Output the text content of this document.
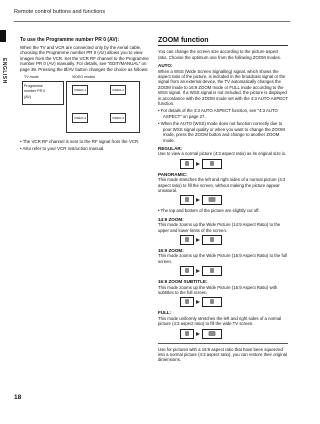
Remote control buttons and functions
ENGLISH
To use the Programme number PR 0 (AV):

When the TV and VCR are connected only by the Aerial cable, choosing the Programme number PR 0 (AV) allows you to view images from the VCR. Set the VCR RF channel to the Programme number PR 0 (AV) manually. For details, see "EDIT/MANUAL" on page 39. Pressing the Ø/AV button changes the choice as follows:

TV mode	VIDEO modes
Programme number PR 0 (AV)
VIDEO-1	VIDEO-2
VIDEO-3	VIDEO-4

• The VCR RF channel is sent to the RF signal from the VCR.

• Also refer to your VCR instruction manual.

ZOOM function

You can change the screen size according to the picture aspect ratio. Choose the optimum one from the following ZOOM modes.

AUTO:

When a WSS (Wide Screen Signalling) signal, which shows the aspect ratio of the picture, is included in the broadcast signal or the signal from an external device, the TV automatically changes the ZOOM mode to 16:9 ZOOM mode or FULL mode according to the WSS signal. If a WSS signal is not included, the picture is displayed in accordance with the ZOOM mode set with the 4:3 AUTO ASPECT function.

• For details of the 4:3 AUTO ASPECT function, see "4:3 AUTO ASPECT" on page 27.

• When the AUTO (WSS) mode does not function correctly due to poor WSS signal quality or when you want to change the ZOOM mode, press the ZOOM button and change to another ZOOM mode.

REGULAR:

Use to view a normal picture (4:3 aspect ratio) as its original size is.

PANORAMIC:

This mode stretches the left and right sides of a normal picture (4:3 aspect ratio) to fill the screen, without making the picture appear unnatural.

• The top and bottom of the picture are slightly cut off.

14:9 ZOOM:

This mode zooms up the Wide Picture (14:9 Aspect Ratio) to the upper and lower limits of the screen.

16:9 ZOOM:

This mode zooms up the Wide Picture (16:9 Aspect Ratio) to the full screen.

16:9 ZOOM SUBTITLE:

This mode zooms up the Wide Picture (16:9 Aspect Ratio) with subtitles to the full screen.

FULL:

This mode uniformly stretches the left and right sides of a normal picture (4:3 aspect ratio) to fill the wide TV screen.

Use for pictures with a 16:9 aspect ratio that have been squeezed into a normal picture (4:3 aspect ratio), you can restore their original dimensions.
18
